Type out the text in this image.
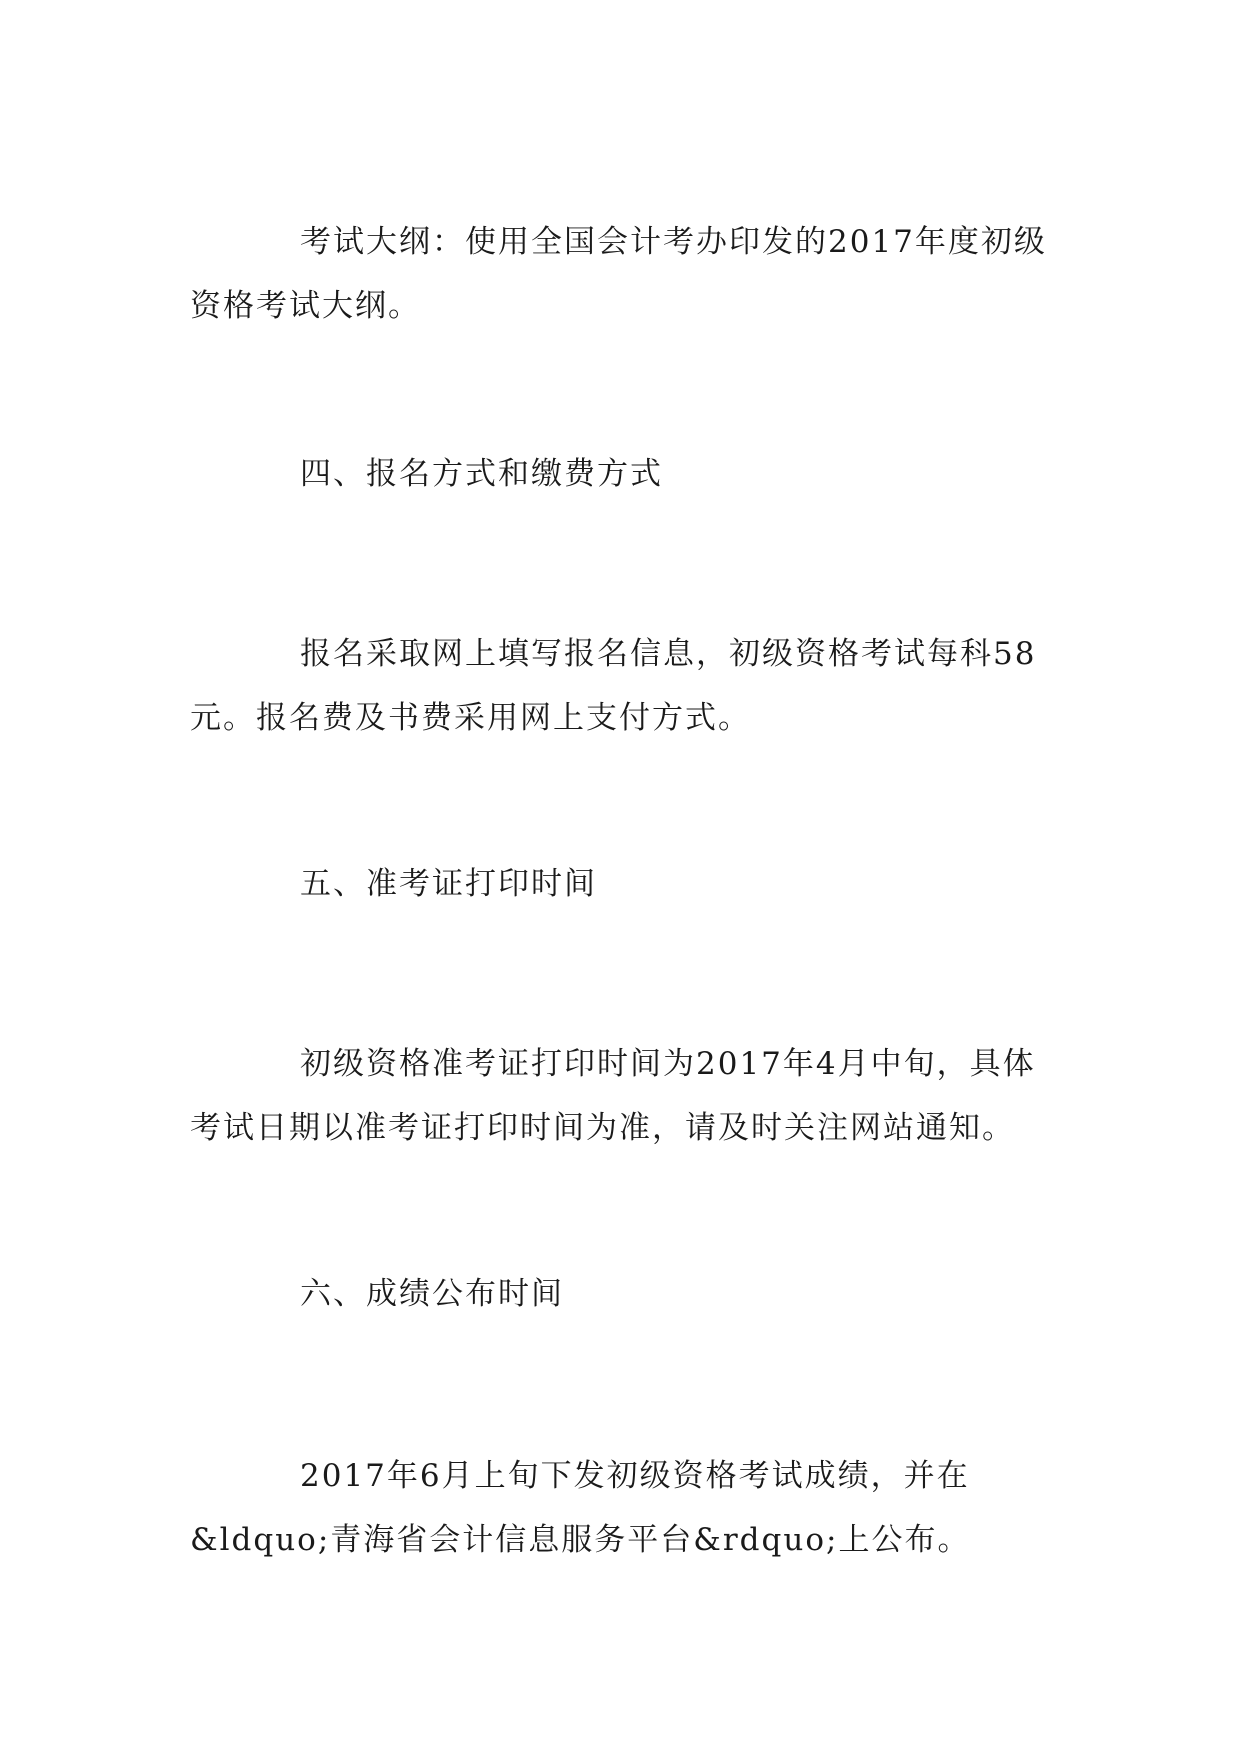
考试大纲：使用全国会计考办印发的2017年度初级资格考试大纲。

四、报名方式和缴费方式

报名采取网上填写报名信息，初级资格考试每科58元。报名费及书费采用网上支付方式。

五、准考证打印时间

初级资格准考证打印时间为2017年4月中旬，具体考试日期以准考证打印时间为准，请及时关注网站通知。

六、成绩公布时间

2017年6月上旬下发初级资格考试成绩，并在&ldquo;青海省会计信息服务平台&rdquo;上公布。
